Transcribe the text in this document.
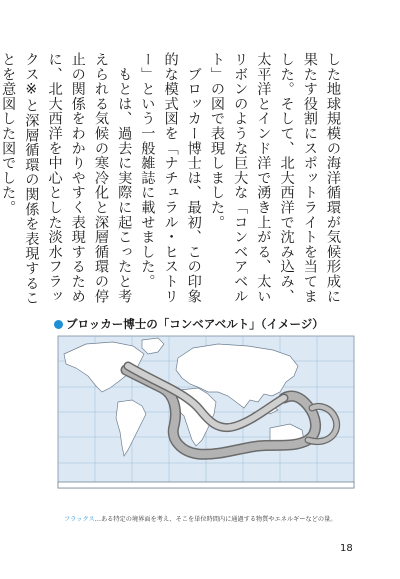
した地球規模の海洋循環が気候形成に果たす役割にスポットライトを当てました。そして、北大西洋で沈み込み、太平洋とインド洋で湧き上がる、太いリボンのような巨大な「コンベアベルト」の図で表現しました。

　ブロッカー博士は、最初、この印象的な模式図を「ナチュラル・ヒストリー」という一般雑誌に載せました。

　もとは、過去に実際に起こったと考えられる気候の寒冷化と深層循環の停止の関係をわかりやすく表現するために、北大西洋を中心とした淡水フラックス※と深層循環の関係を表現することを意図した図でした。

ブロッカー博士の「コンベアベルト」（イメージ）
フラックス…ある特定の境界面を考え、そこを単位時間内に通過する物質やエネルギーなどの量。
18
